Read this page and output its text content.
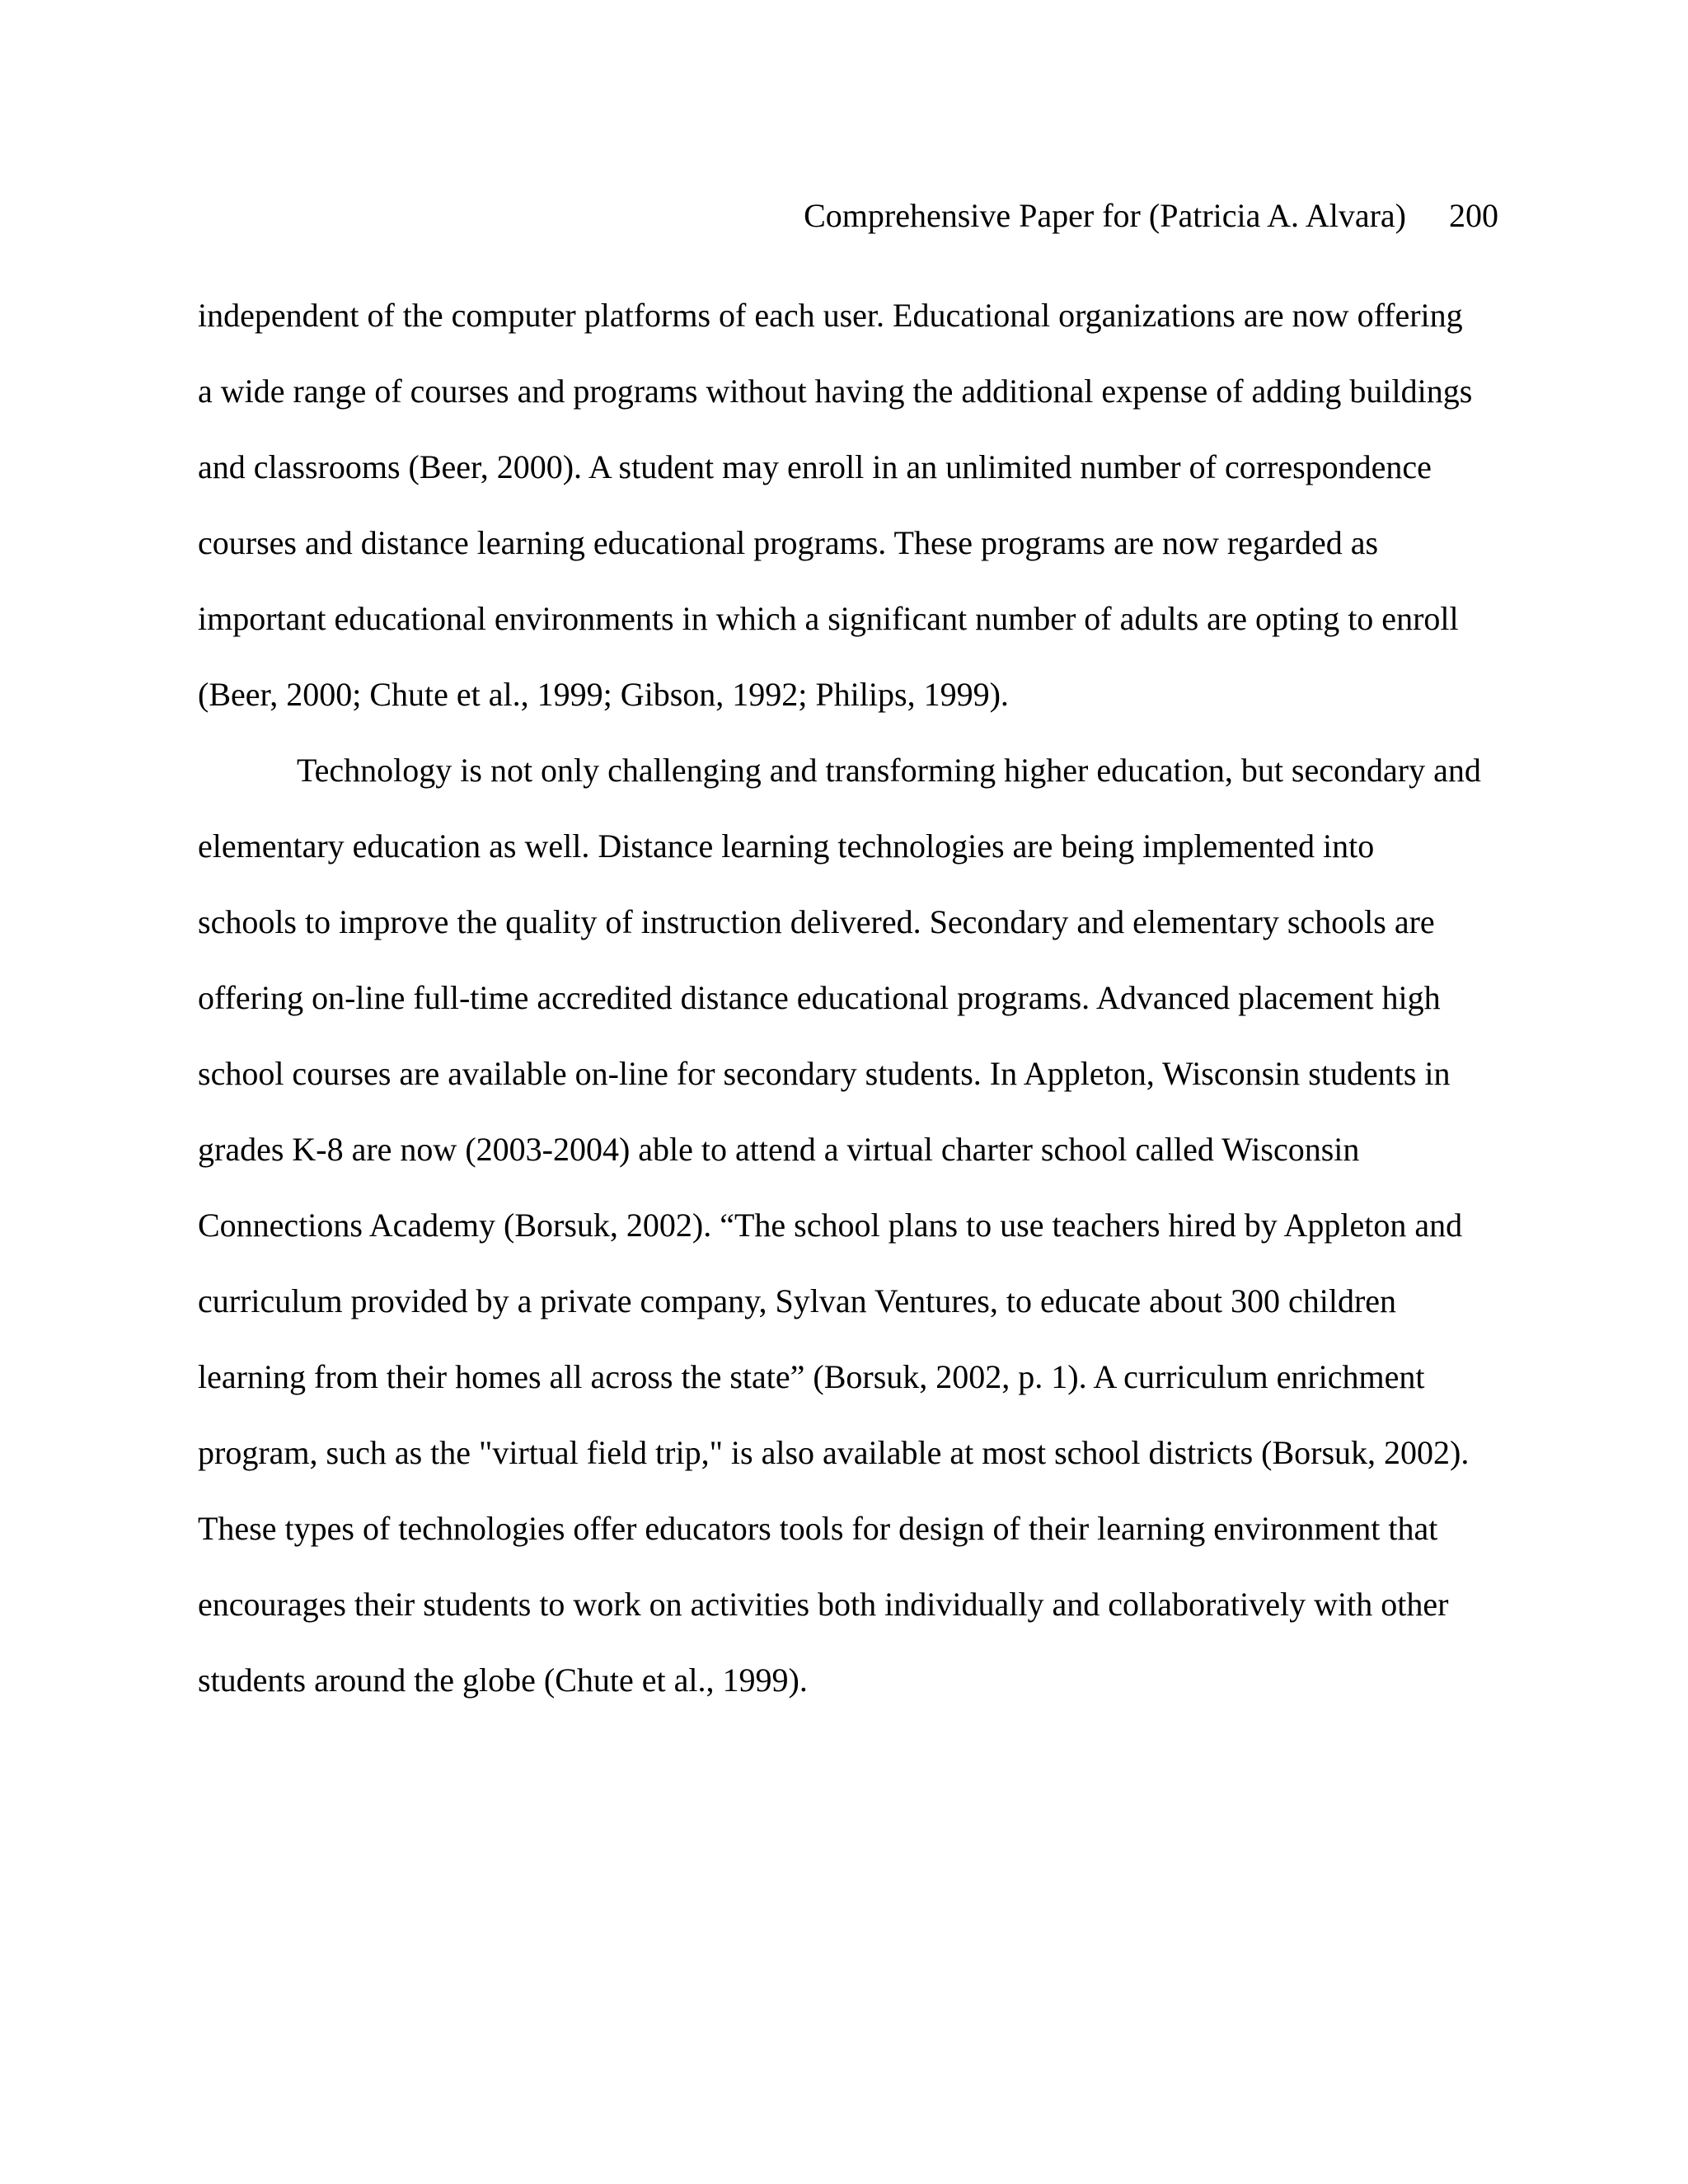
Comprehensive Paper for (Patricia A. Alvara) 200
independent of the computer platforms of each user. Educational organizations are now offering
a wide range of courses and programs without having the additional expense of adding buildings
and classrooms (Beer, 2000). A student may enroll in an unlimited number of correspondence
courses and distance learning educational programs. These programs are now regarded as
important educational environments in which a significant number of adults are opting to enroll
(Beer, 2000; Chute et al., 1999; Gibson, 1992; Philips, 1999).
Technology is not only challenging and transforming higher education, but secondary and
elementary education as well. Distance learning technologies are being implemented into
schools to improve the quality of instruction delivered. Secondary and elementary schools are
offering on-line full-time accredited distance educational programs. Advanced placement high
school courses are available on-line for secondary students. In Appleton, Wisconsin students in
grades K-8 are now (2003-2004) able to attend a virtual charter school called Wisconsin
Connections Academy (Borsuk, 2002). “The school plans to use teachers hired by Appleton and
curriculum provided by a private company, Sylvan Ventures, to educate about 300 children
learning from their homes all across the state” (Borsuk, 2002, p. 1). A curriculum enrichment
program, such as the "virtual field trip," is also available at most school districts (Borsuk, 2002).
These types of technologies offer educators tools for design of their learning environment that
encourages their students to work on activities both individually and collaboratively with other
students around the globe (Chute et al., 1999).
